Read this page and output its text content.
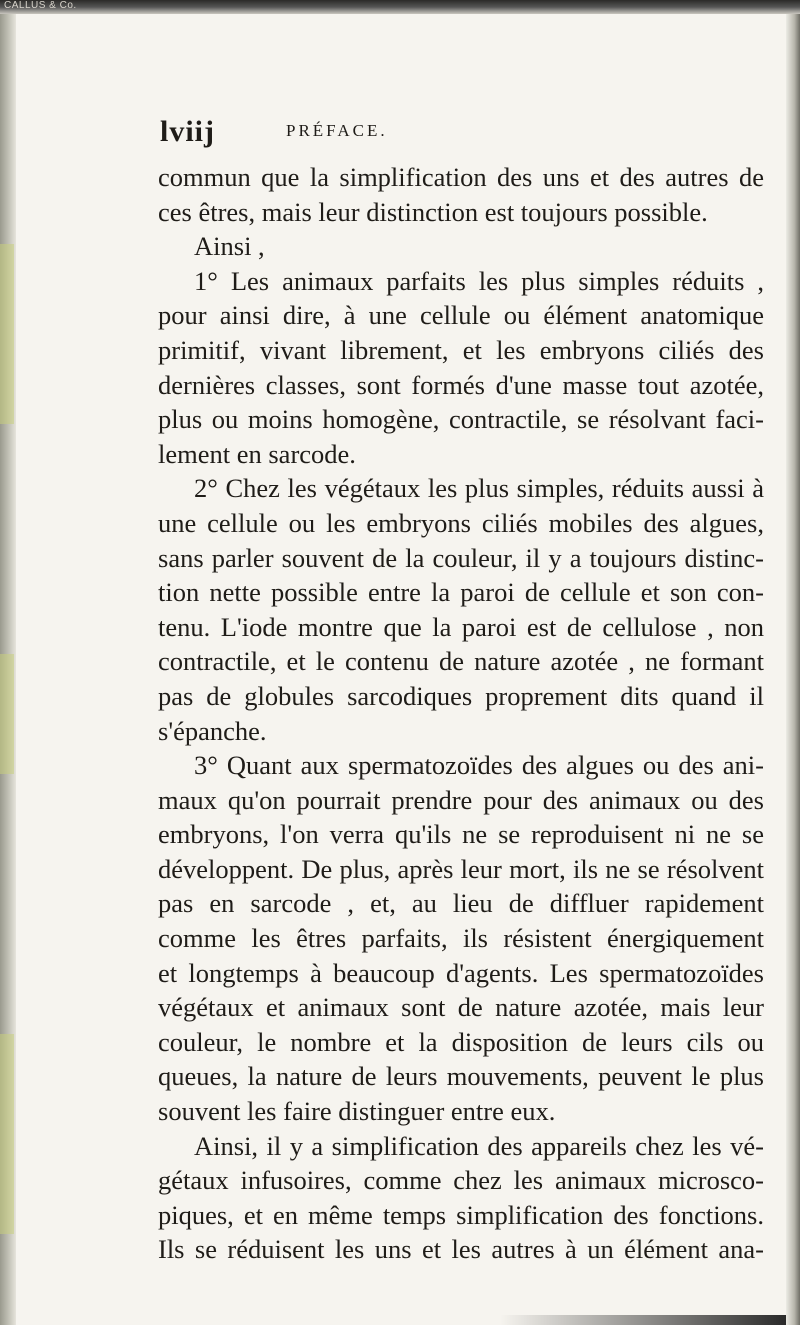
CALLUS & Co.
lviij	PRÉFACE.
commun que la simplification des uns et des autres de
ces êtres, mais leur distinction est toujours possible.
Ainsi ,
1° Les animaux parfaits les plus simples réduits ,
pour ainsi dire, à une cellule ou élément anatomique
primitif, vivant librement, et les embryons ciliés des
dernières classes, sont formés d'une masse tout azotée,
plus ou moins homogène, contractile, se résolvant faci-
lement en sarcode.
2° Chez les végétaux les plus simples, réduits aussi à
une cellule ou les embryons ciliés mobiles des algues,
sans parler souvent de la couleur, il y a toujours distinc-
tion nette possible entre la paroi de cellule et son con-
tenu. L'iode montre que la paroi est de cellulose , non
contractile, et le contenu de nature azotée , ne formant
pas de globules sarcodiques proprement dits quand il
s'épanche.
3° Quant aux spermatozoïdes des algues ou des ani-
maux qu'on pourrait prendre pour des animaux ou des
embryons, l'on verra qu'ils ne se reproduisent ni ne se
développent. De plus, après leur mort, ils ne se résolvent
pas en sarcode , et, au lieu de diffluer rapidement
comme les êtres parfaits, ils résistent énergiquement
et longtemps à beaucoup d'agents. Les spermatozoïdes
végétaux et animaux sont de nature azotée, mais leur
couleur, le nombre et la disposition de leurs cils ou
queues, la nature de leurs mouvements, peuvent le plus
souvent les faire distinguer entre eux.
Ainsi, il y a simplification des appareils chez les vé-
gétaux infusoires, comme chez les animaux microsco-
piques, et en même temps simplification des fonctions.
Ils se réduisent les uns et les autres à un élément ana-
